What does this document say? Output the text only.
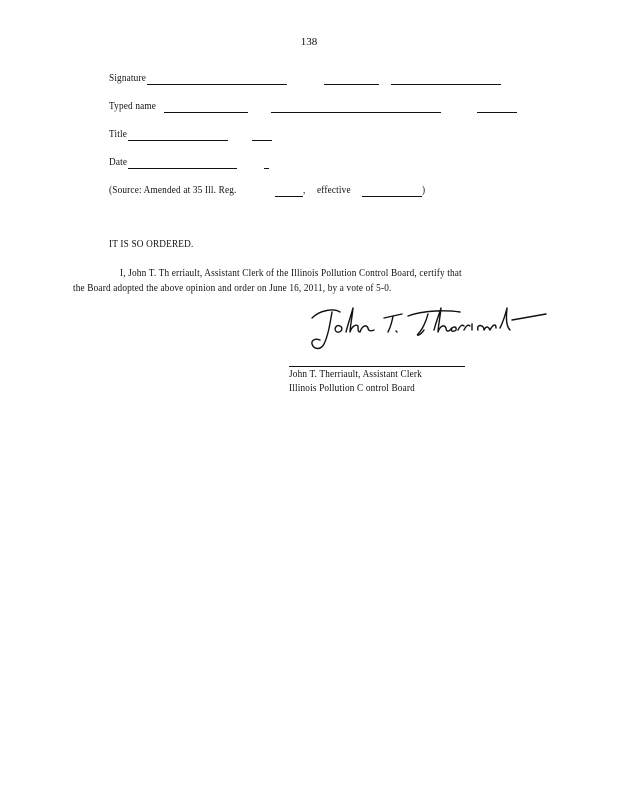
138
Signature
Typed name
Title
Date
(Source: Amended at 35 Ill. Reg.	, effective	)
IT IS SO ORDERED.
I, John T. Th erriault, Assistant Clerk of the Illinois Pollution Control Board, certify that
the Board adopted the above opinion and order on June 16, 2011, by a vote of 5-0.
John T. Therriault, Assistant Clerk
Illinois Pollution C ontrol Board
